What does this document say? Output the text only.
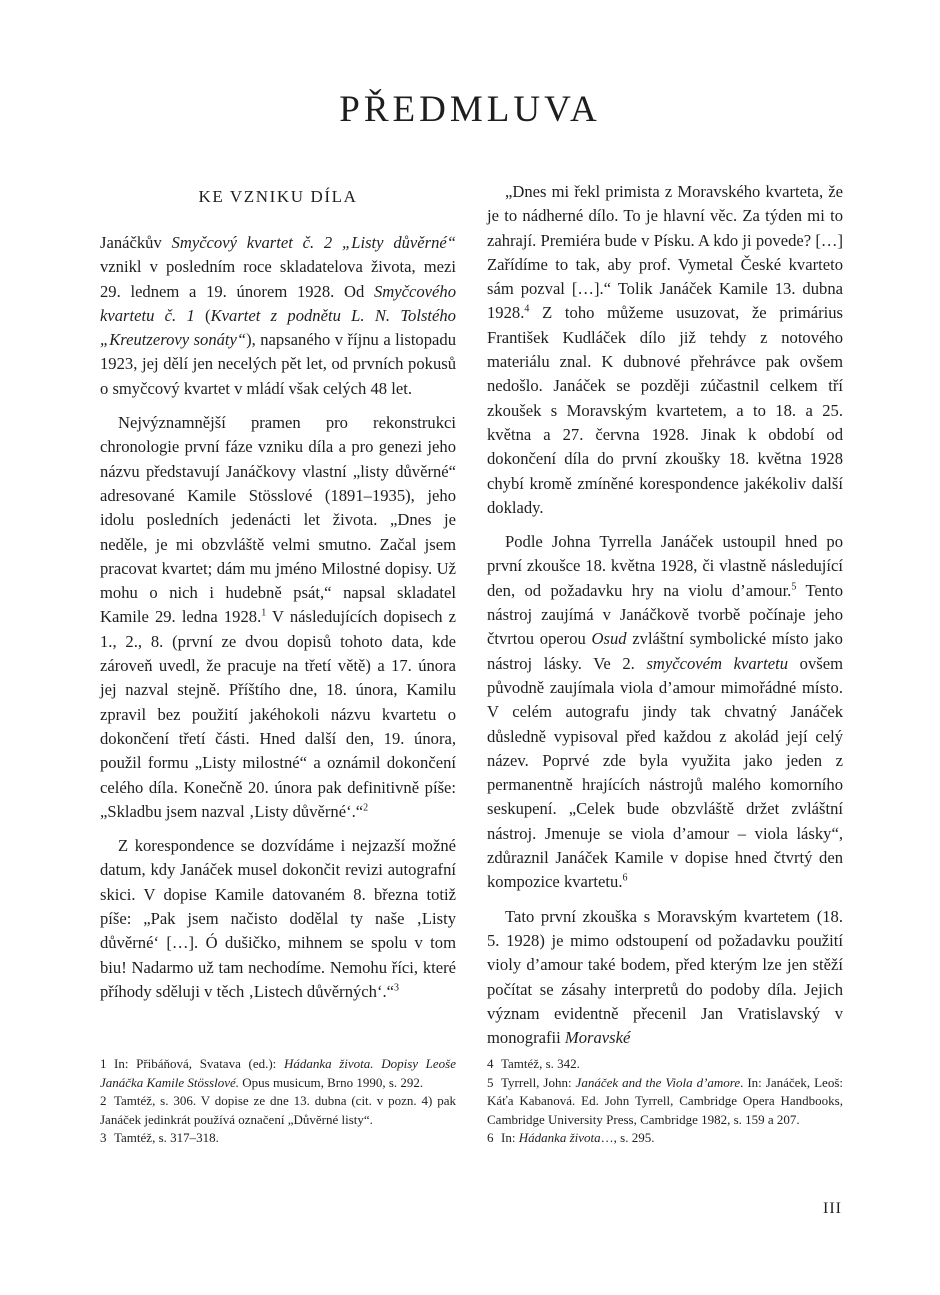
PŘEDMLUVA
KE VZNIKU DÍLA

Janáčkův Smyčcový kvartet č. 2 „Listy důvěrné“ vznikl v posledním roce skladatelova života, mezi 29. lednem a 19. únorem 1928. Od Smyčcového kvartetu č. 1 (Kvartet z podnětu L. N. Tolstého „Kreutzerovy sonáty“), napsaného v říjnu a listopadu 1923, jej dělí jen necelých pět let, od prvních pokusů o smyčcový kvartet v mládí však celých 48 let.

Nejvýznamnější pramen pro rekonstrukci chronologie první fáze vzniku díla a pro genezi jeho názvu představují Janáčkovy vlastní „listy důvěrné“ adresované Kamile Stösslové (1891–1935), jeho idolu posledních jedenácti let života. „Dnes je neděle, je mi obzvláště velmi smutno. Začal jsem pracovat kvartet; dám mu jméno Milostné dopisy. Už mohu o nich i hudebně psát,“ napsal skladatel Kamile 29. ledna 1928.$^1$ V následujících dopisech z 1., 2., 8. (první ze dvou dopisů tohoto data, kde zároveň uvedl, že pracuje na třetí větě) a 17. února jej nazval stejně. Příštího dne, 18. února, Kamilu zpravil bez použití jakéhokoli názvu kvartetu o dokončení třetí části. Hned další den, 19. února, použil formu „Listy milostné“ a oznámil dokončení celého díla. Konečně 20. února pak definitivně píše: „Skladbu jsem nazval ‚Listy důvěrné‘.“$^2$

Z korespondence se dozvídáme i nejzazší možné datum, kdy Janáček musel dokončit revizi autografní skici. V dopise Kamile datovaném 8. března totiž píše: „Pak jsem načisto dodělal ty naše ‚Listy důvěrné‘ […]. Ó dušičko, mihnem se spolu v tom biu! Nadarmo už tam nechodíme. Nemohu říci, které příhody sděluji v těch ‚Listech důvěrných‘.“$^3$

„Dnes mi řekl primista z Moravského kvarteta, že je to nádherné dílo. To je hlavní věc. Za týden mi to zahrají. Premiéra bude v Písku. A kdo ji povede? […] Zařídíme to tak, aby prof. Vymetal České kvarteto sám pozval […].“ Tolik Janáček Kamile 13. dubna 1928.$^4$ Z toho můžeme usuzovat, že primárius František Kudláček dílo již tehdy z notového materiálu znal. K dubnové přehrávce pak ovšem nedošlo. Janáček se později zúčastnil celkem tří zkoušek s Moravským kvartetem, a to 18. a 25. května a 27. června 1928. Jinak k období od dokončení díla do první zkoušky 18. května 1928 chybí kromě zmíněné korespondence jakékoliv další doklady.

Podle Johna Tyrrella Janáček ustoupil hned po první zkoušce 18. května 1928, či vlastně následující den, od požadavku hry na violu d’amour.$^5$ Tento nástroj zaujímá v Janáčkově tvorbě počínaje jeho čtvrtou operou Osud zvláštní symbolické místo jako nástroj lásky. Ve 2. smyčcovém kvartetu ovšem původně zaujímala viola d’amour mimořádné místo. V celém autografu jindy tak chvatný Janáček důsledně vypisoval před každou z akolád její celý název. Poprvé zde byla využita jako jeden z permanentně hrajících nástrojů malého komorního seskupení. „Celek bude obzvláště držet zvláštní nástroj. Jmenuje se viola d’amour – viola lásky“, zdůraznil Janáček Kamile v dopise hned čtvrtý den kompozice kvartetu.$^6$

Tato první zkouška s Moravským kvartetem (18. 5. 1928) je mimo odstoupení od požadavku použití violy d’amour také bodem, před kterým lze jen stěží počítat se zásahy interpretů do podoby díla. Jejich význam evidentně přecenil Jan Vratislavský v monografii Moravské

1 In: Přibáňová, Svatava (ed.): Hádanka života. Dopisy Leoše Janáčka Kamile Stösslové. Opus musicum, Brno 1990, s. 292.

2 Tamtéž, s. 306. V dopise ze dne 13. dubna (cit. v pozn. 4) pak Janáček jedinkrát používá označení „Důvěrné listy“.

3 Tamtéž, s. 317–318.

4 Tamtéž, s. 342.

5 Tyrrell, John: Janáček and the Viola d’amore. In: Janáček, Leoš: Káťa Kabanová. Ed. John Tyrrell, Cambridge Opera Handbooks, Cambridge University Press, Cambridge 1982, s. 159 a 207.

6 In: Hádanka života…, s. 295.

III
